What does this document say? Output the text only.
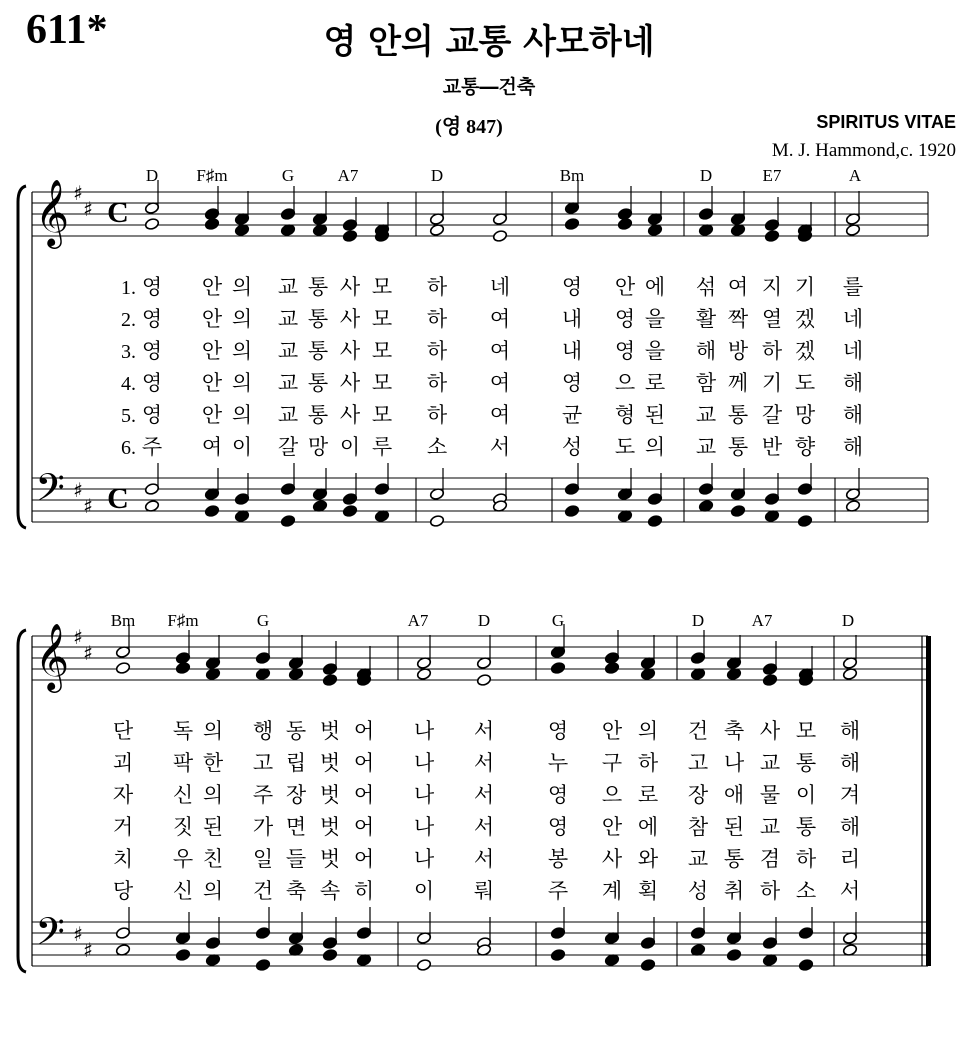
611*	영 안의 교통 사모하네
교통―건축
(영 847)	SPIRITUS VITAE
M. J. Hammond,c. 1920
𝄞
𝄢
♯
♯
♯
♯
C
C
D F♯m	G	A7	D	Bm	D	E7	A
1. 영 안 의 교 통 사 모 하 네 영 안 에 섞 여 지 기 를
2. 영 안 의 교 통 사 모 하 여 내 영 을 활 짝 열 겠 네
3. 영 안 의 교 통 사 모 하 여 내 영 을 해 방 하 겠 네
4. 영 안 의 교 통 사 모 하 여 영 으 로 함 께 기 도 해
5. 영 안 의 교 통 사 모 하 여 균 형 된 교 통 갈 망 해
6. 주 여 이 갈 망 이 루 소 서 성 도 의 교 통 반 향 해
𝄞
𝄢
♯
♯
♯
♯
Bm F♯m	G	A7	D	G	D	A7	D
단 독 의 행 동 벗 어 나 서	영 안 의 건 축 사 모 해
괴 팍 한 고 립 벗 어 나 서	누 구 하 고 나 교 통 해
자 신 의 주 장 벗 어 나 서	영 으 로 장 애 물 이 겨
거 짓 된 가 면 벗 어 나 서	영 안 에 참 된 교 통 해
치 우 친 일 들 벗 어 나 서	봉 사 와 교 통 겸 하 리
당 신 의 건 축 속 히 이 뤄	주 계 획 성 취 하 소 서
